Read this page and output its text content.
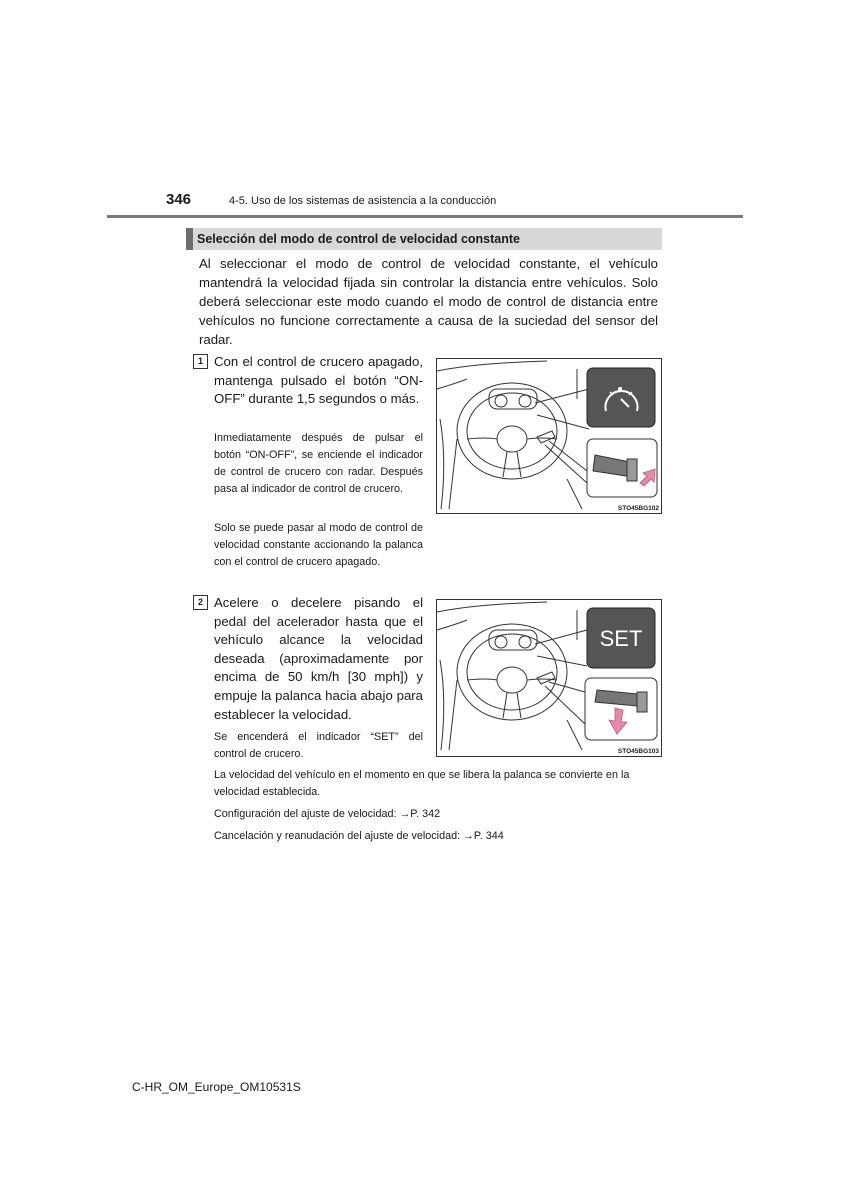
346	4-5. Uso de los sistemas de asistencia a la conducción
Selección del modo de control de velocidad constante
Al seleccionar el modo de control de velocidad constante, el vehículo mantendrá la velocidad fijada sin controlar la distancia entre vehículos. Solo deberá seleccionar este modo cuando el modo de control de distancia entre vehículos no funcione correctamente a causa de la suciedad del sensor del radar.
1 Con el control de crucero apagado, mantenga pulsado el botón “ON-OFF” durante 1,5 segundos o más.
Inmediatamente después de pulsar el botón “ON-OFF”, se enciende el indicador de control de crucero con radar. Después pasa al indicador de control de crucero.
Solo se puede pasar al modo de control de velocidad constante accionando la palanca con el control de crucero apagado.
STO45BG102
2 Acelere o decelere pisando el pedal del acelerador hasta que el vehículo alcance la velocidad deseada (aproximadamente por encima de 50 km/h [30 mph]) y empuje la palanca hacia abajo para establecer la velocidad.
Se encenderá el indicador “SET” del control de crucero.
SET
STO45BG103
La velocidad del vehículo en el momento en que se libera la palanca se convierte en la velocidad establecida.
Configuración del ajuste de velocidad: →P. 342
Cancelación y reanudación del ajuste de velocidad: →P. 344
C-HR_OM_Europe_OM10531S
